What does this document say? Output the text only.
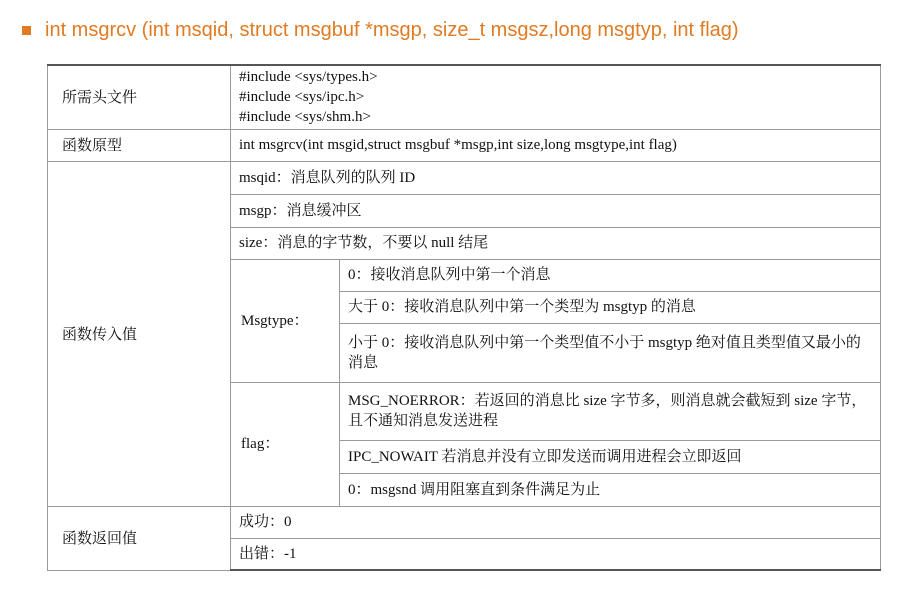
int msgrcv (int msqid, struct msgbuf *msgp, size_t msgsz,long msgtyp, int flag)
所需头文件	#include <sys/types.h>
#include <sys/ipc.h>
#include <sys/shm.h>	

函数原型	int msgrcv(int msgid,struct msgbuf *msgp,int size,long msgtype,int flag)	
函数传入值	msqid：消息队列的队列 ID	
	msgp：消息缓冲区	
	size：消息的字节数，不要以 null 结尾	
	Msgtype：	0：接收消息队列中第一个消息
		大于 0：接收消息队列中第一个类型为 msgtyp 的消息
		小于 0：接收消息队列中第一个类型值不小于 msgtyp 绝对值且类型值又最小的消息
	flag：	MSG_NOERROR：若返回的消息比 size 字节多，则消息就会截短到 size 字节，且不通知消息发送进程
		IPC_NOWAIT 若消息并没有立即发送而调用进程会立即返回
		0：msgsnd 调用阻塞直到条件满足为止
函数返回值	成功：0	
	出错：-1	
